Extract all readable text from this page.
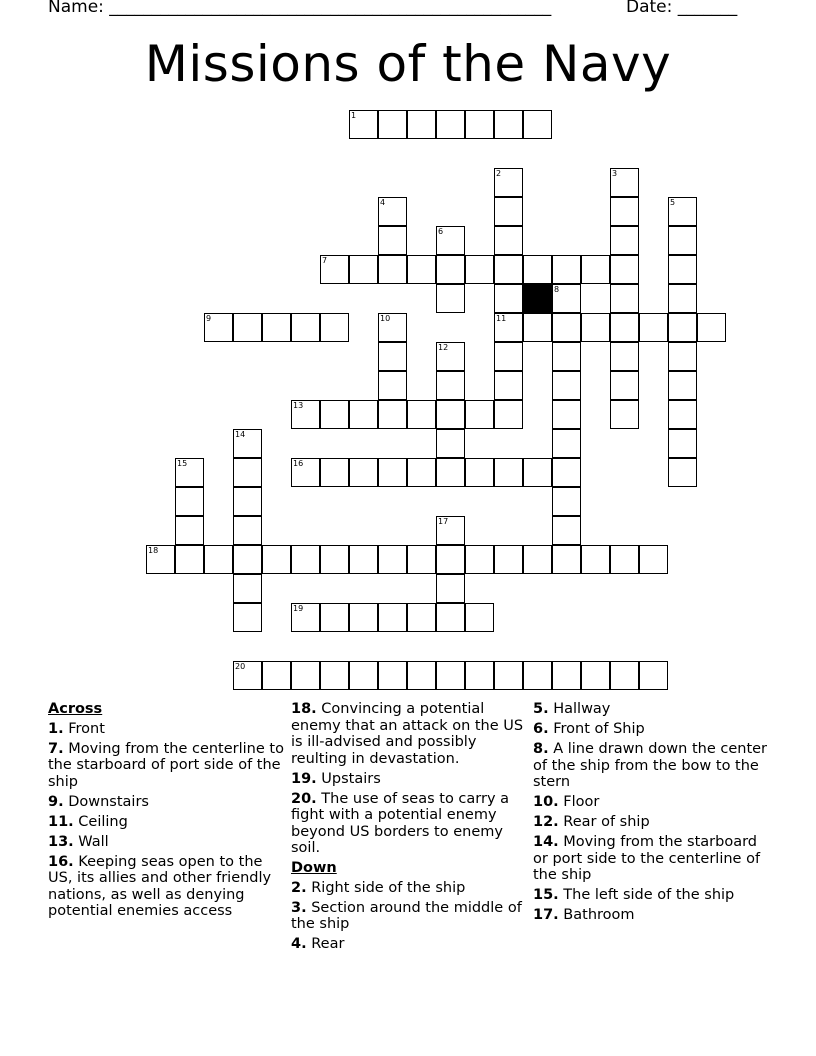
Name: ____________________________________________________	Date: _______
Missions of the Navy
1
2	3
4	5
6
7
8
9	10	11
12
13
14
15	16
17
18
19
20
Across
1. Front
7. Moving from the centerline to the starboard of port side of the ship
9. Downstairs
11. Ceiling
13. Wall
16. Keeping seas open to the US, its allies and other friendly nations, as well as denying potential enemies access
18. Convincing a potential enemy that an attack on the US is ill-advised and possibly reulting in devastation.
19. Upstairs
20. The use of seas to carry a fight with a potential enemy beyond US borders to enemy soil.
Down
2. Right side of the ship
3. Section around the middle of the ship
4. Rear
5. Hallway
6. Front of Ship
8. A line drawn down the center of the ship from the bow to the stern
10. Floor
12. Rear of ship
14. Moving from the starboard or port side to the centerline of the ship
15. The left side of the ship
17. Bathroom
